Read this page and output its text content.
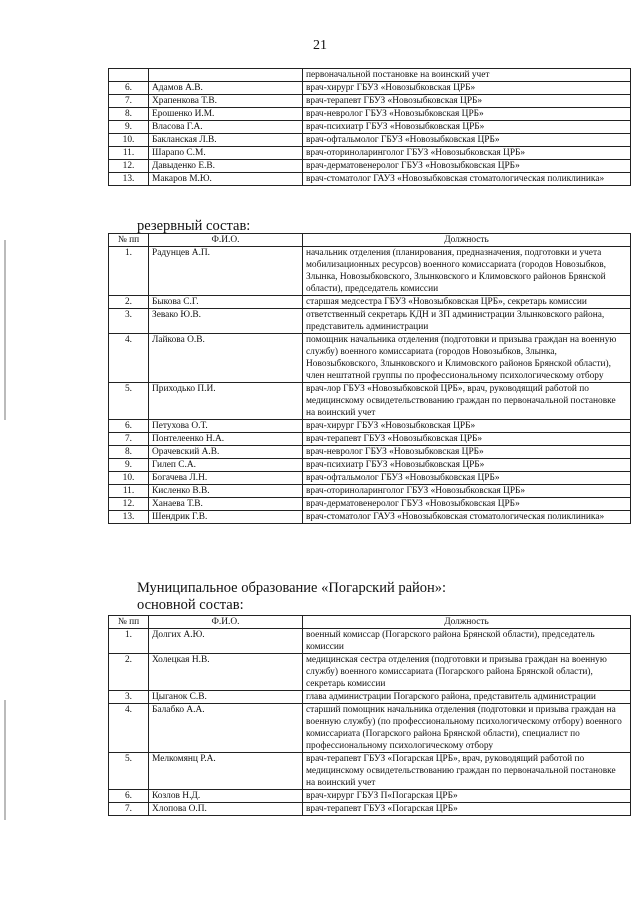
21
		первоначальной постановке на воинский учет
6.	Адамов А.В.	врач-хирург ГБУЗ «Новозыбковская ЦРБ»
7.	Храпенкова Т.В.	врач-терапевт ГБУЗ «Новозыбковская ЦРБ»
8.	Ерошенко И.М.	врач-невролог ГБУЗ «Новозыбковская ЦРБ»
9.	Власова Г.А.	врач-психиатр ГБУЗ «Новозыбковская ЦРБ»
10.	Бакланская Л.В.	врач-офтальмолог ГБУЗ «Новозыбковская ЦРБ»
11.	Шарапо С.М.	врач-оториноларинголог ГБУЗ «Новозыбковская ЦРБ»
12.	Давыденко Е.В.	врач-дерматовенеролог ГБУЗ «Новозыбковская ЦРБ»
13.	Макаров М.Ю.	врач-стоматолог ГАУЗ «Новозыбковская стоматологическая поликлиника»
резервный состав:
№ пп	Ф.И.О.	Должность
1.	Радунцев А.П.	начальник отделения (планирования, предназначения, подготовки и учета мобилизационных ресурсов) военного комиссариата (городов Новозыбков, Злынка, Новозыбковского, Злынковского и Климовского районов Брянской области), председатель комиссии
2.	Быкова С.Г.	старшая медсестра ГБУЗ «Новозыбковская ЦРБ», секретарь комиссии
3.	Зевако Ю.В.	ответственный секретарь КДН и ЗП администрации Злынковского района, представитель администрации
4.	Лайкова О.В.	помощник начальника отделения (подготовки и призыва граждан на военную службу) военного комиссариата (городов Новозыбков, Злынка, Новозыбковского, Злынковского и Климовского районов Брянской области), член нештатной группы по профессиональному психологическому отбору
5.	Приходько П.И.	врач-лор ГБУЗ «Новозыбковской ЦРБ», врач, руководящий работой по медицинскому освидетельствованию граждан по первоначальной постановке на воинский учет
6.	Петухова О.Т.	врач-хирург ГБУЗ «Новозыбковская ЦРБ»
7.	Понтелеенко Н.А.	врач-терапевт ГБУЗ «Новозыбковская ЦРБ»
8.	Орачевский А.В.	врач-невролог ГБУЗ «Новозыбковская ЦРБ»
9.	Гилеп С.А.	врач-психиатр ГБУЗ «Новозыбковская ЦРБ»
10.	Богачева Л.Н.	врач-офтальмолог ГБУЗ «Новозыбковская ЦРБ»
11.	Кисленко В.В.	врач-оториноларинголог ГБУЗ «Новозыбковская ЦРБ»
12.	Ханаева Т.В.	врач-дерматовенеролог ГБУЗ «Новозыбковская ЦРБ»
13.	Шендрик Г.В.	врач-стоматолог ГАУЗ «Новозыбковская стоматологическая поликлиника»
Муниципальное образование «Погарский район»:
основной состав:
№ пп	Ф.И.О.	Должность
1.	Долгих А.Ю.	военный комиссар (Погарского района Брянской области), председатель комиссии
2.	Холецкая Н.В.	медицинская сестра отделения (подготовки и призыва граждан на военную службу) военного комиссариата (Погарского района Брянской области), секретарь комиссии
3.	Цыганок С.В.	глава администрации Погарского района, представитель администрации
4.	Балабко А.А.	старший помощник начальника отделения (подготовки и призыва граждан на военную службу) (по профессиональному психологическому отбору) военного комиссариата (Погарского района Брянской области), специалист по профессиональному психологическому отбору
5.	Мелкомянц Р.А.	врач-терапевт ГБУЗ «Погарская ЦРБ», врач, руководящий работой по медицинскому освидетельствованию граждан по первоначальной постановке на воинский учет
6.	Козлов Н.Д.	врач-хирург ГБУЗ П«Погарская ЦРБ»
7.	Хлопова О.П.	врач-терапевт ГБУЗ «Погарская ЦРБ»
